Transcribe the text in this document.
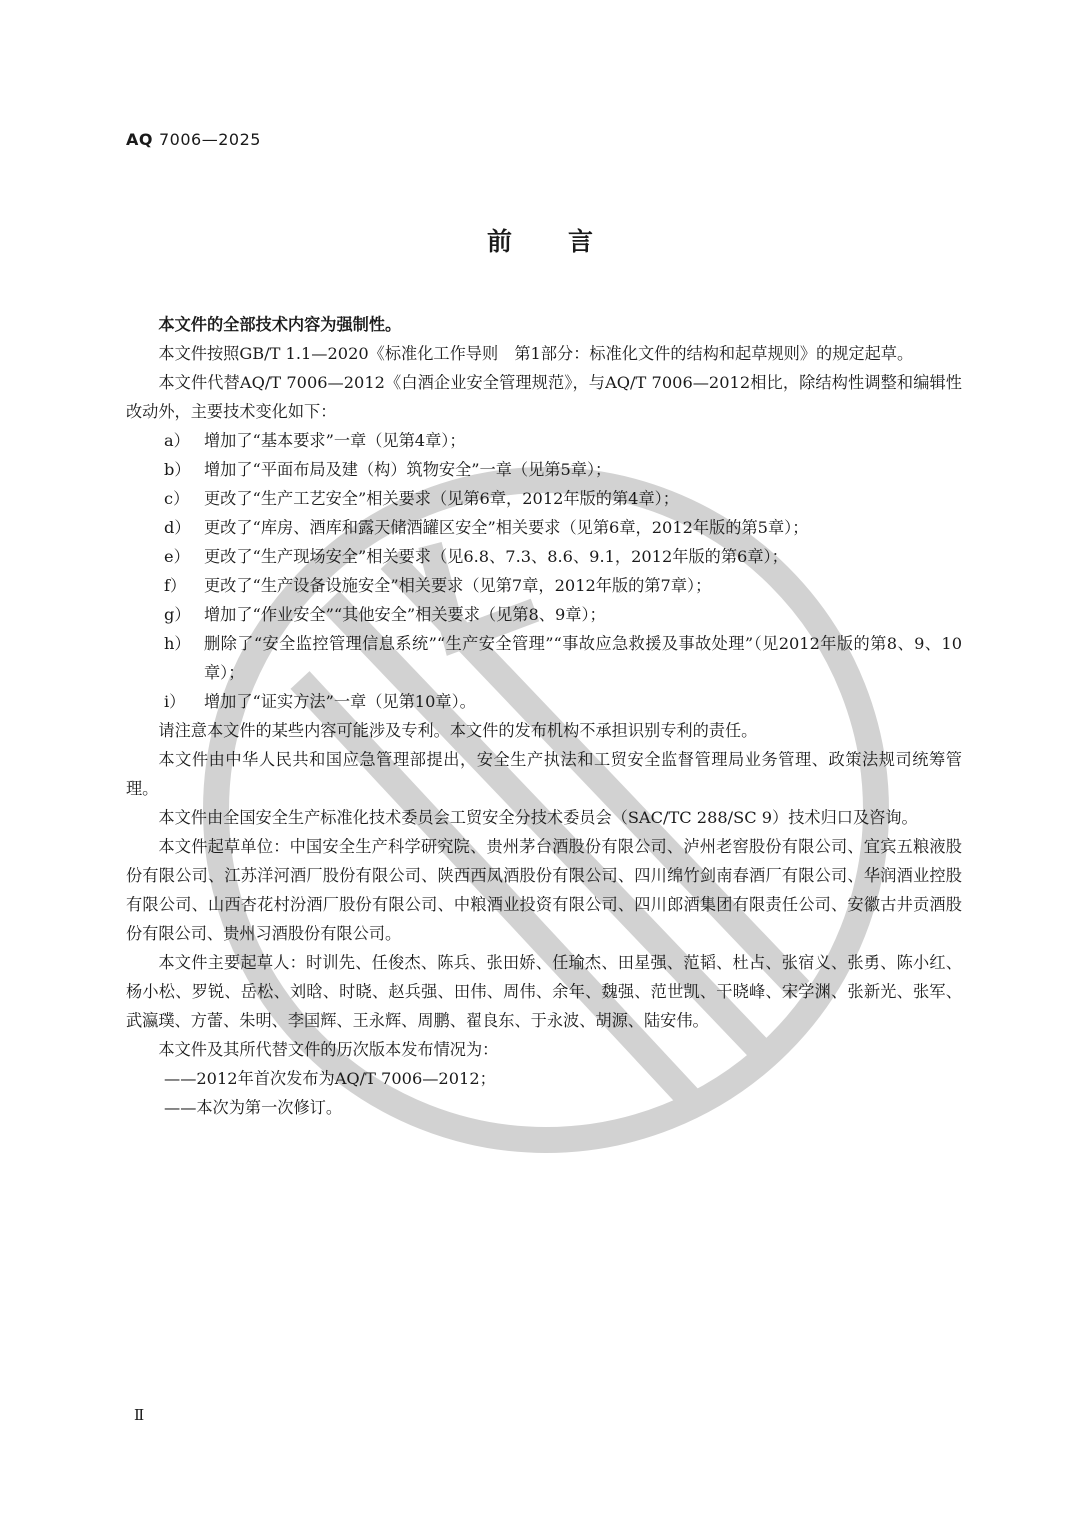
AQ 7006—2025
前言

本文件的全部技术内容为强制性。

本文件按照GB/T 1.1—2020《标准化工作导则　第1部分：标准化文件的结构和起草规则》的规定起草。

本文件代替AQ/T 7006—2012《白酒企业安全管理规范》，与AQ/T 7006—2012相比，除结构性调整和编辑性改动外，主要技术变化如下：

a） 增加了“基本要求”一章（见第4章）；

b） 增加了“平面布局及建（构）筑物安全”一章（见第5章）；

c） 更改了“生产工艺安全”相关要求（见第6章，2012年版的第4章）；

d） 更改了“库房、酒库和露天储酒罐区安全”相关要求（见第6章，2012年版的第5章）；

e） 更改了“生产现场安全”相关要求（见6.8、7.3、8.6、9.1，2012年版的第6章）；

f） 更改了“生产设备设施安全”相关要求（见第7章，2012年版的第7章）；

g） 增加了“作业安全”“其他安全”相关要求（见第8、9章）；

h） 删除了“安全监控管理信息系统”“生产安全管理”“事故应急救援及事故处理”（见2012年版的第8、9、10章）；

i） 增加了“证实方法”一章（见第10章）。

请注意本文件的某些内容可能涉及专利。本文件的发布机构不承担识别专利的责任。

本文件由中华人民共和国应急管理部提出，安全生产执法和工贸安全监督管理局业务管理、政策法规司统筹管理。

本文件由全国安全生产标准化技术委员会工贸安全分技术委员会（SAC/TC 288/SC 9）技术归口及咨询。

本文件起草单位：中国安全生产科学研究院、贵州茅台酒股份有限公司、泸州老窖股份有限公司、宜宾五粮液股份有限公司、江苏洋河酒厂股份有限公司、陕西西凤酒股份有限公司、四川绵竹剑南春酒厂有限公司、华润酒业控股有限公司、山西杏花村汾酒厂股份有限公司、中粮酒业投资有限公司、四川郎酒集团有限责任公司、安徽古井贡酒股份有限公司、贵州习酒股份有限公司。

本文件主要起草人：时训先、任俊杰、陈兵、张田娇、任瑜杰、田星强、范韬、杜占、张宿义、张勇、陈小红、杨小松、罗锐、岳松、刘晗、时晓、赵兵强、田伟、周伟、余年、魏强、范世凯、干晓峰、宋学渊、张新光、张军、武瀛璞、方蕾、朱明、李国辉、王永辉、周鹏、翟良东、于永波、胡源、陆安伟。

本文件及其所代替文件的历次版本发布情况为：

——2012年首次发布为AQ/T 7006—2012；

——本次为第一次修订。

Ⅱ
